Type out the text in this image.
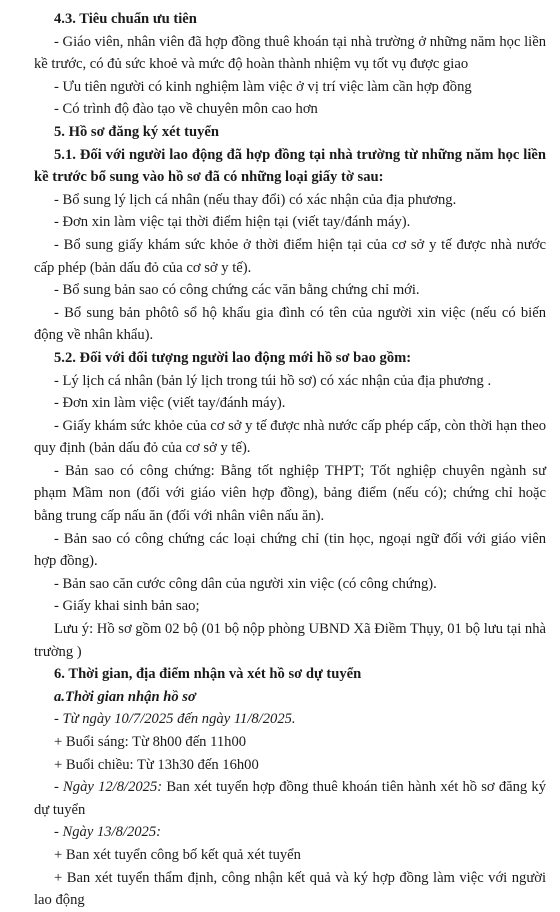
4.3. Tiêu chuẩn ưu tiên

- Giáo viên, nhân viên đã hợp đồng thuê khoán tại nhà trường ở những năm học liền kề trước, có đủ sức khoẻ và mức độ hoàn thành nhiệm vụ tốt vụ được giao

- Ưu tiên người có kinh nghiệm làm việc ở vị trí việc làm cần hợp đồng

- Có trình độ đào tạo về chuyên môn cao hơn

5. Hồ sơ đăng ký xét tuyển

5.1. Đối với người lao động đã hợp đồng tại nhà trường từ những năm học liền kề trước bổ sung vào hồ sơ đã có những loại giấy tờ sau:

- Bổ sung lý lịch cá nhân (nếu thay đổi) có xác nhận của địa phương.

- Đơn xin làm việc tại thời điểm hiện tại (viết tay/đánh máy).

- Bổ sung giấy khám sức khỏe ở thời điểm hiện tại của cơ sở y tế được nhà nước cấp phép (bản dấu đỏ của cơ sở y tế).

- Bổ sung bản sao có công chứng các văn bằng chứng chỉ mới.

- Bổ sung bản phôtô sổ hộ khẩu gia đình có tên của người xin việc (nếu có biến động về nhân khẩu).

5.2. Đối với đối tượng người lao động mới hồ sơ bao gồm:

- Lý lịch cá nhân (bản lý lịch trong túi hồ sơ) có xác nhận của địa phương .

- Đơn xin làm việc (viết tay/đánh máy).

- Giấy khám sức khỏe của cơ sở y tế được nhà nước cấp phép cấp, còn thời hạn theo quy định (bản dấu đỏ của cơ sở y tế).

- Bản sao có công chứng: Bằng tốt nghiệp THPT; Tốt nghiệp chuyên ngành sư phạm Mầm non (đối với giáo viên hợp đồng), bảng điểm (nếu có); chứng chỉ hoặc bằng trung cấp nấu ăn (đối với nhân viên nấu ăn).

- Bản sao có công chứng các loại chứng chỉ (tin học, ngoại ngữ đối với giáo viên hợp đồng).

- Bản sao căn cước công dân của người xin việc (có công chứng).

- Giấy khai sinh bản sao;

Lưu ý: Hồ sơ gồm 02 bộ (01 bộ nộp phòng UBND Xã Điềm Thụy, 01 bộ lưu tại nhà trường )

6. Thời gian, địa điểm nhận và xét hồ sơ dự tuyển

a.Thời gian nhận hồ sơ

- Từ ngày 10/7/2025 đến ngày 11/8/2025.

+ Buổi sáng: Từ 8h00 đến 11h00

+ Buổi chiều: Từ 13h30 đến 16h00

- Ngày 12/8/2025: Ban xét tuyển hợp đồng thuê khoán tiên hành xét hồ sơ đăng ký dự tuyển

- Ngày 13/8/2025:

+ Ban xét tuyển công bố kết quả xét tuyển

+ Ban xét tuyển thẩm định, công nhận kết quả và ký hợp đồng làm việc với người lao động
